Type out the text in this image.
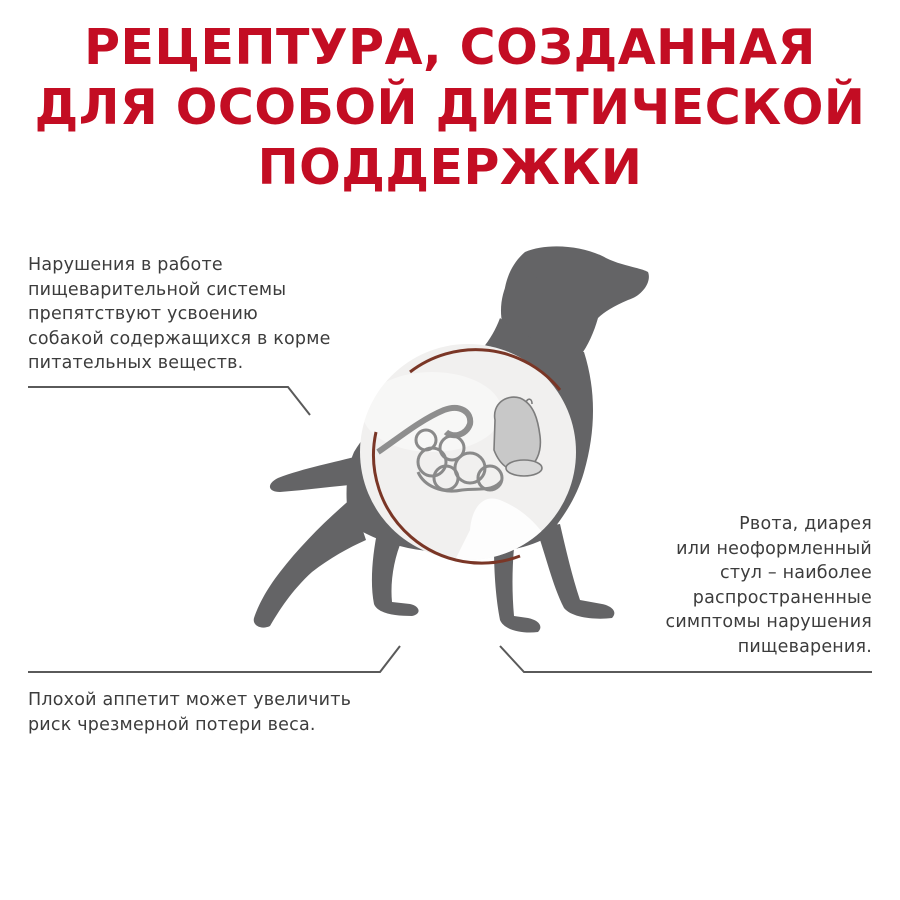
РЕЦЕПТУРА, СОЗДАННАЯ
ДЛЯ ОСОБОЙ ДИЕТИЧЕСКОЙ
ПОДДЕРЖКИ
Нарушения в работе
пищеварительной системы
препятствуют усвоению
собакой содержащихся в корме
питательных веществ.
Рвота, диарея
или неоформленный
стул – наиболее
распространенные
симптомы нарушения
пищеварения.
Плохой аппетит может увеличить
риск чрезмерной потери веса.
